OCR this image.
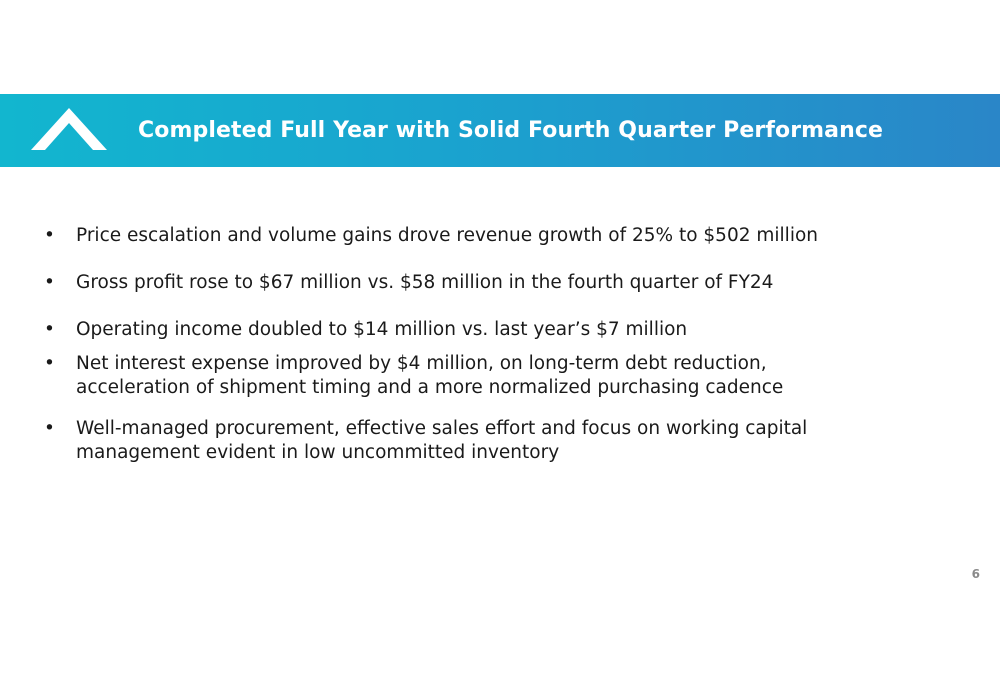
Completed Full Year with Solid Fourth Quarter Performance
• Price escalation and volume gains drove revenue growth of 25% to $502 million
• Gross profit rose to $67 million vs. $58 million in the fourth quarter of FY24
• Operating income doubled to $14 million vs. last year’s $7 million
• Net interest expense improved by $4 million, on long-term debt reduction, acceleration of shipment timing and a more normalized purchasing cadence
• Well-managed procurement, effective sales effort and focus on working capital management evident in low uncommitted inventory
6
